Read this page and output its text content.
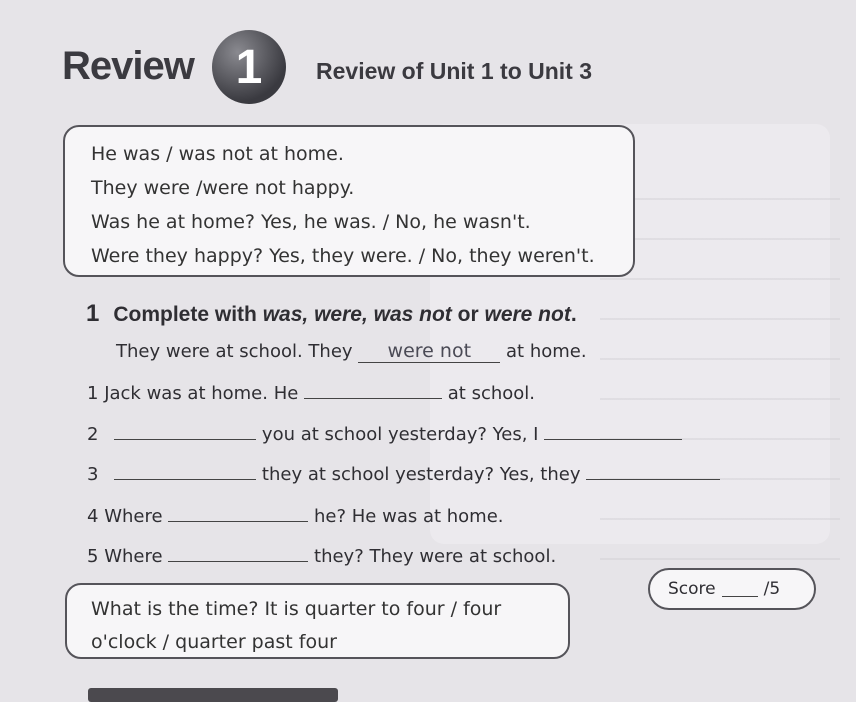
Review 1	Review of Unit 1 to Unit 3
He was / was not at home.
They were /were not happy.
Was he at home? Yes, he was. / No, he wasn't.
Were they happy? Yes, they were. / No, they weren't.
1 Complete with was, were, was not or were not.
They were at school. They were not at home.
1 Jack was at home. He	at school.
2	you at school yesterday? Yes, I
3	they at school yesterday? Yes, they
4 Where	he? He was at home.
5 Where	they? They were at school.
Score	/5
What is the time? It is quarter to four / four
o'clock / quarter past four
